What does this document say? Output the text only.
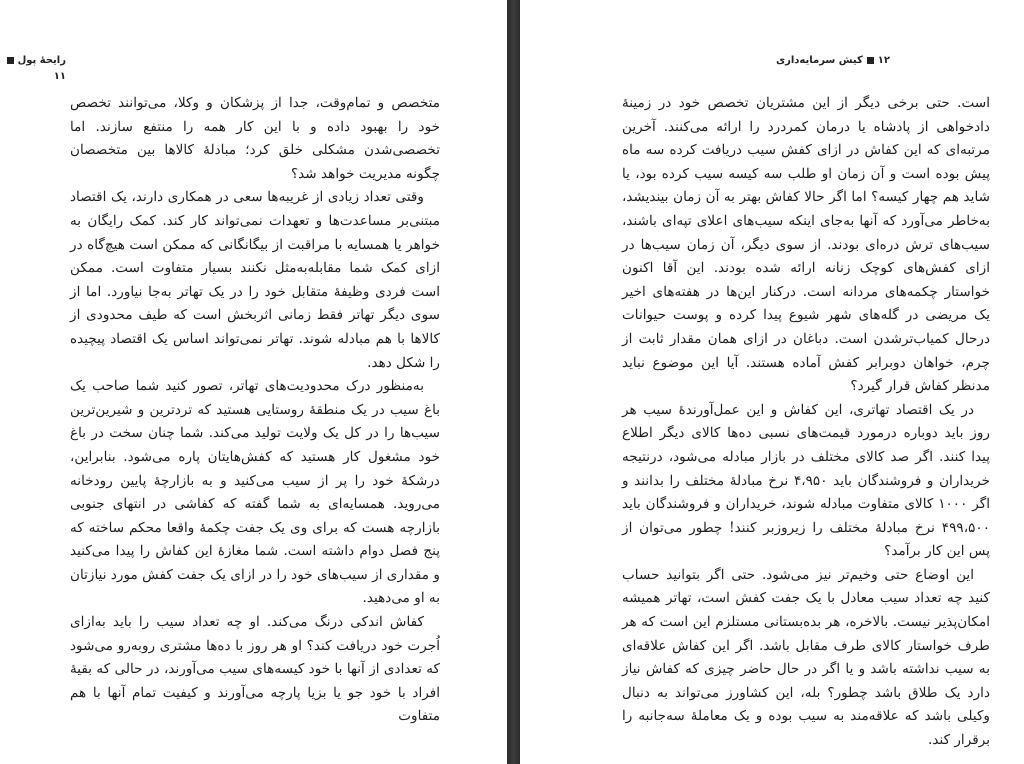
رایحهٔ پول۱۱

متخصص و تمام‌وقت، جدا از پزشکان و وکلا، می‌توانند تخصص خود را بهبود داده و با این کار همه را منتفع سازند. اما تخصصی‌شدن مشکلی خلق کرد؛ مبادلهٔ کالاها بین متخصصان چگونه مدیریت خواهد شد؟

وقتی تعداد زیادی از غریبه‌ها سعی در همکاری دارند، یک اقتصاد مبتنی‌بر مساعدت‌ها و تعهدات نمی‌تواند کار کند. کمک رایگان به خواهر یا همسایه با مراقبت از بیگانگانی که ممکن است هیچ‌گاه در ازای کمک شما مقابله‌به‌مثل نکنند بسیار متفاوت است. ممکن است فردی وظیفهٔ متقابل خود را در یک تهاتر به‌جا نیاورد. اما از سوی دیگر تهاتر فقط زمانی اثربخش است که طیف محدودی از کالاها با هم مبادله شوند. تهاتر نمی‌تواند اساس یک اقتصاد پیچیده را شکل دهد.

به‌منظور درک محدودیت‌های تهاتر، تصور کنید شما صاحب یک باغ سیب در یک منطقهٔ روستایی هستید که تردترین و شیرین‌ترین سیب‌ها را در کل یک ولایت تولید می‌کند. شما چنان سخت در باغ خود مشغول کار هستید که کفش‌هایتان پاره می‌شود. بنابراین، درشکهٔ خود را پر از سیب می‌کنید و به بازارچهٔ پایین رودخانه می‌روید. همسایه‌ای به شما گفته که کفاشی در انتهای جنوبی بازارچه هست که برای وی یک جفت چکمهٔ واقعا محکم ساخته که پنج فصل دوام داشته است. شما مغازهٔ این کفاش را پیدا می‌کنید و مقداری از سیب‌های خود را در ازای یک جفت کفش مورد نیازتان به او می‌دهید.

کفاش اندکی درنگ می‌کند. او چه تعداد سیب را باید به‌ازای اُجرت خود دریافت کند؟ او هر روز با ده‌ها مشتری روبه‌رو می‌شود که تعدادی از آنها با خود کیسه‌های سیب می‌آورند، در حالی که بقیهٔ افراد با خود جو یا بزیا پارچه می‌آورند و کیفیت تمام آنها با هم متفاوت

۱۲کیش سرمایه‌داری

است. حتی برخی دیگر از این مشتریان تخصص خود در زمینهٔ دادخواهی از پادشاه یا درمان کمردرد را ارائه می‌کنند. آخرین مرتبه‌ای که این کفاش در ازای کفش سیب دریافت کرده سه ماه پیش بوده است و آن زمان او طلب سه کیسه سیب کرده بود، یا شاید هم چهار کیسه؟ اما اگر حالا کفاش بهتر به آن زمان بیندیشد، به‌خاطر می‌آورد که آنها به‌جای اینکه سیب‌های اعلای تپه‌ای باشند، سیب‌های ترش دره‌ای بودند. از سوی دیگر، آن زمان سیب‌ها در ازای کفش‌های کوچک زنانه ارائه شده بودند. این آقا اکنون خواستار چکمه‌های مردانه است. درکنار این‌ها در هفته‌های اخیر یک مریضی در گله‌های شهر شیوع پیدا کرده و پوست حیوانات درحال کمیاب‌ترشدن است. دباغان در ازای همان مقدار ثابت از چرم، خواهان دوبرابر کفش آماده هستند. آیا این موضوع نباید مدنظر کفاش قرار گیرد؟

در یک اقتصاد تهاتری، این کفاش و این عمل‌آورندهٔ سیب هر روز باید دوباره درمورد قیمت‌های نسبی ده‌ها کالای دیگر اطلاع پیدا کنند. اگر صد کالای مختلف در بازار مبادله می‌شود، درنتیجه خریداران و فروشندگان باید ۴،۹۵۰ نرخ مبادلهٔ مختلف را بدانند و اگر ۱۰۰۰ کالای متفاوت مبادله شوند، خریداران و فروشندگان باید ۴۹۹،۵۰۰ نرخ مبادلهٔ مختلف را زیروزبر کنند! چطور می‌توان از پس این کار برآمد؟

این اوضاع حتی وخیم‌تر نیز می‌شود. حتی اگر بتوانید حساب کنید چه تعداد سیب معادل با یک جفت کفش است، تهاتر همیشه امکان‌پذیر نیست. بالاخره، هر بده‌بستانی مستلزم این است که هر طرف خواستار کالای طرف مقابل باشد. اگر این کفاش علاقه‌ای به سیب نداشته باشد و یا اگر در حال حاضر چیزی که کفاش نیاز دارد یک طلاق باشد چطور؟ بله، این کشاورز می‌تواند به دنبال وکیلی باشد که علاقه‌مند به سیب بوده و یک معاملهٔ سه‌جانبه را برقرار کند.
